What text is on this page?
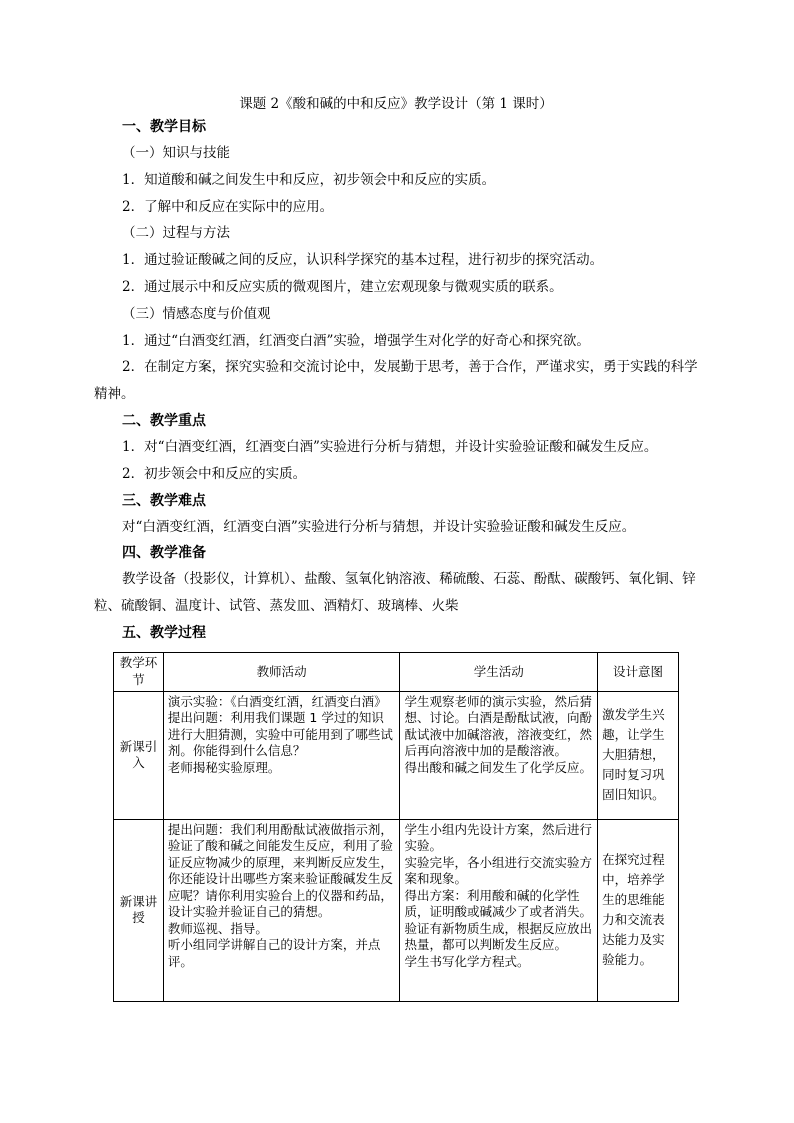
课题 2《酸和碱的中和反应》教学设计（第 1 课时）

一、教学目标

（一）知识与技能

1．知道酸和碱之间发生中和反应，初步领会中和反应的实质。

2．了解中和反应在实际中的应用。

（二）过程与方法

1．通过验证酸碱之间的反应，认识科学探究的基本过程，进行初步的探究活动。

2．通过展示中和反应实质的微观图片，建立宏观现象与微观实质的联系。

（三）情感态度与价值观

1．通过“白酒变红酒，红酒变白酒”实验，增强学生对化学的好奇心和探究欲。

2．在制定方案，探究实验和交流讨论中，发展勤于思考，善于合作，严谨求实，勇于实践的科学精神。

二、教学重点

1．对“白酒变红酒，红酒变白酒”实验进行分析与猜想，并设计实验验证酸和碱发生反应。

2．初步领会中和反应的实质。

三、教学难点

对“白酒变红酒，红酒变白酒”实验进行分析与猜想，并设计实验验证酸和碱发生反应。

四、教学准备

教学设备（投影仪，计算机）、盐酸、氢氧化钠溶液、稀硫酸、石蕊、酚酞、碳酸钙、氧化铜、锌粒、硫酸铜、温度计、试管、蒸发皿、酒精灯、玻璃棒、火柴

五、教学过程

教学环节	教师活动	学生活动	设计意图
新课引入	演示实验：《白酒变红酒，红酒变白酒》
提出问题：利用我们课题 1 学过的知识进行大胆猜测，实验中可能用到了哪些试剂。你能得到什么信息？
老师揭秘实验原理。	学生观察老师的演示实验，然后猜想、讨论。白酒是酚酞试液，向酚酞试液中加碱溶液，溶液变红，然后再向溶液中加的是酸溶液。
得出酸和碱之间发生了化学反应。	激发学生兴趣，让学生大胆猜想，同时复习巩固旧知识。
新课讲授	提出问题：我们利用酚酞试液做指示剂，验证了酸和碱之间能发生反应，利用了验证反应物减少的原理，来判断反应发生，你还能设计出哪些方案来验证酸碱发生反应呢？请你利用实验台上的仪器和药品，设计实验并验证自己的猜想。
教师巡视、指导。
听小组同学讲解自己的设计方案，并点评。	学生小组内先设计方案，然后进行实验。
实验完毕，各小组进行交流实验方案和现象。
得出方案：利用酸和碱的化学性质，证明酸或碱减少了或者消失。验证有新物质生成，根据反应放出热量，都可以判断发生反应。
学生书写化学方程式。	在探究过程中，培养学生的思维能力和交流表达能力及实验能力。
